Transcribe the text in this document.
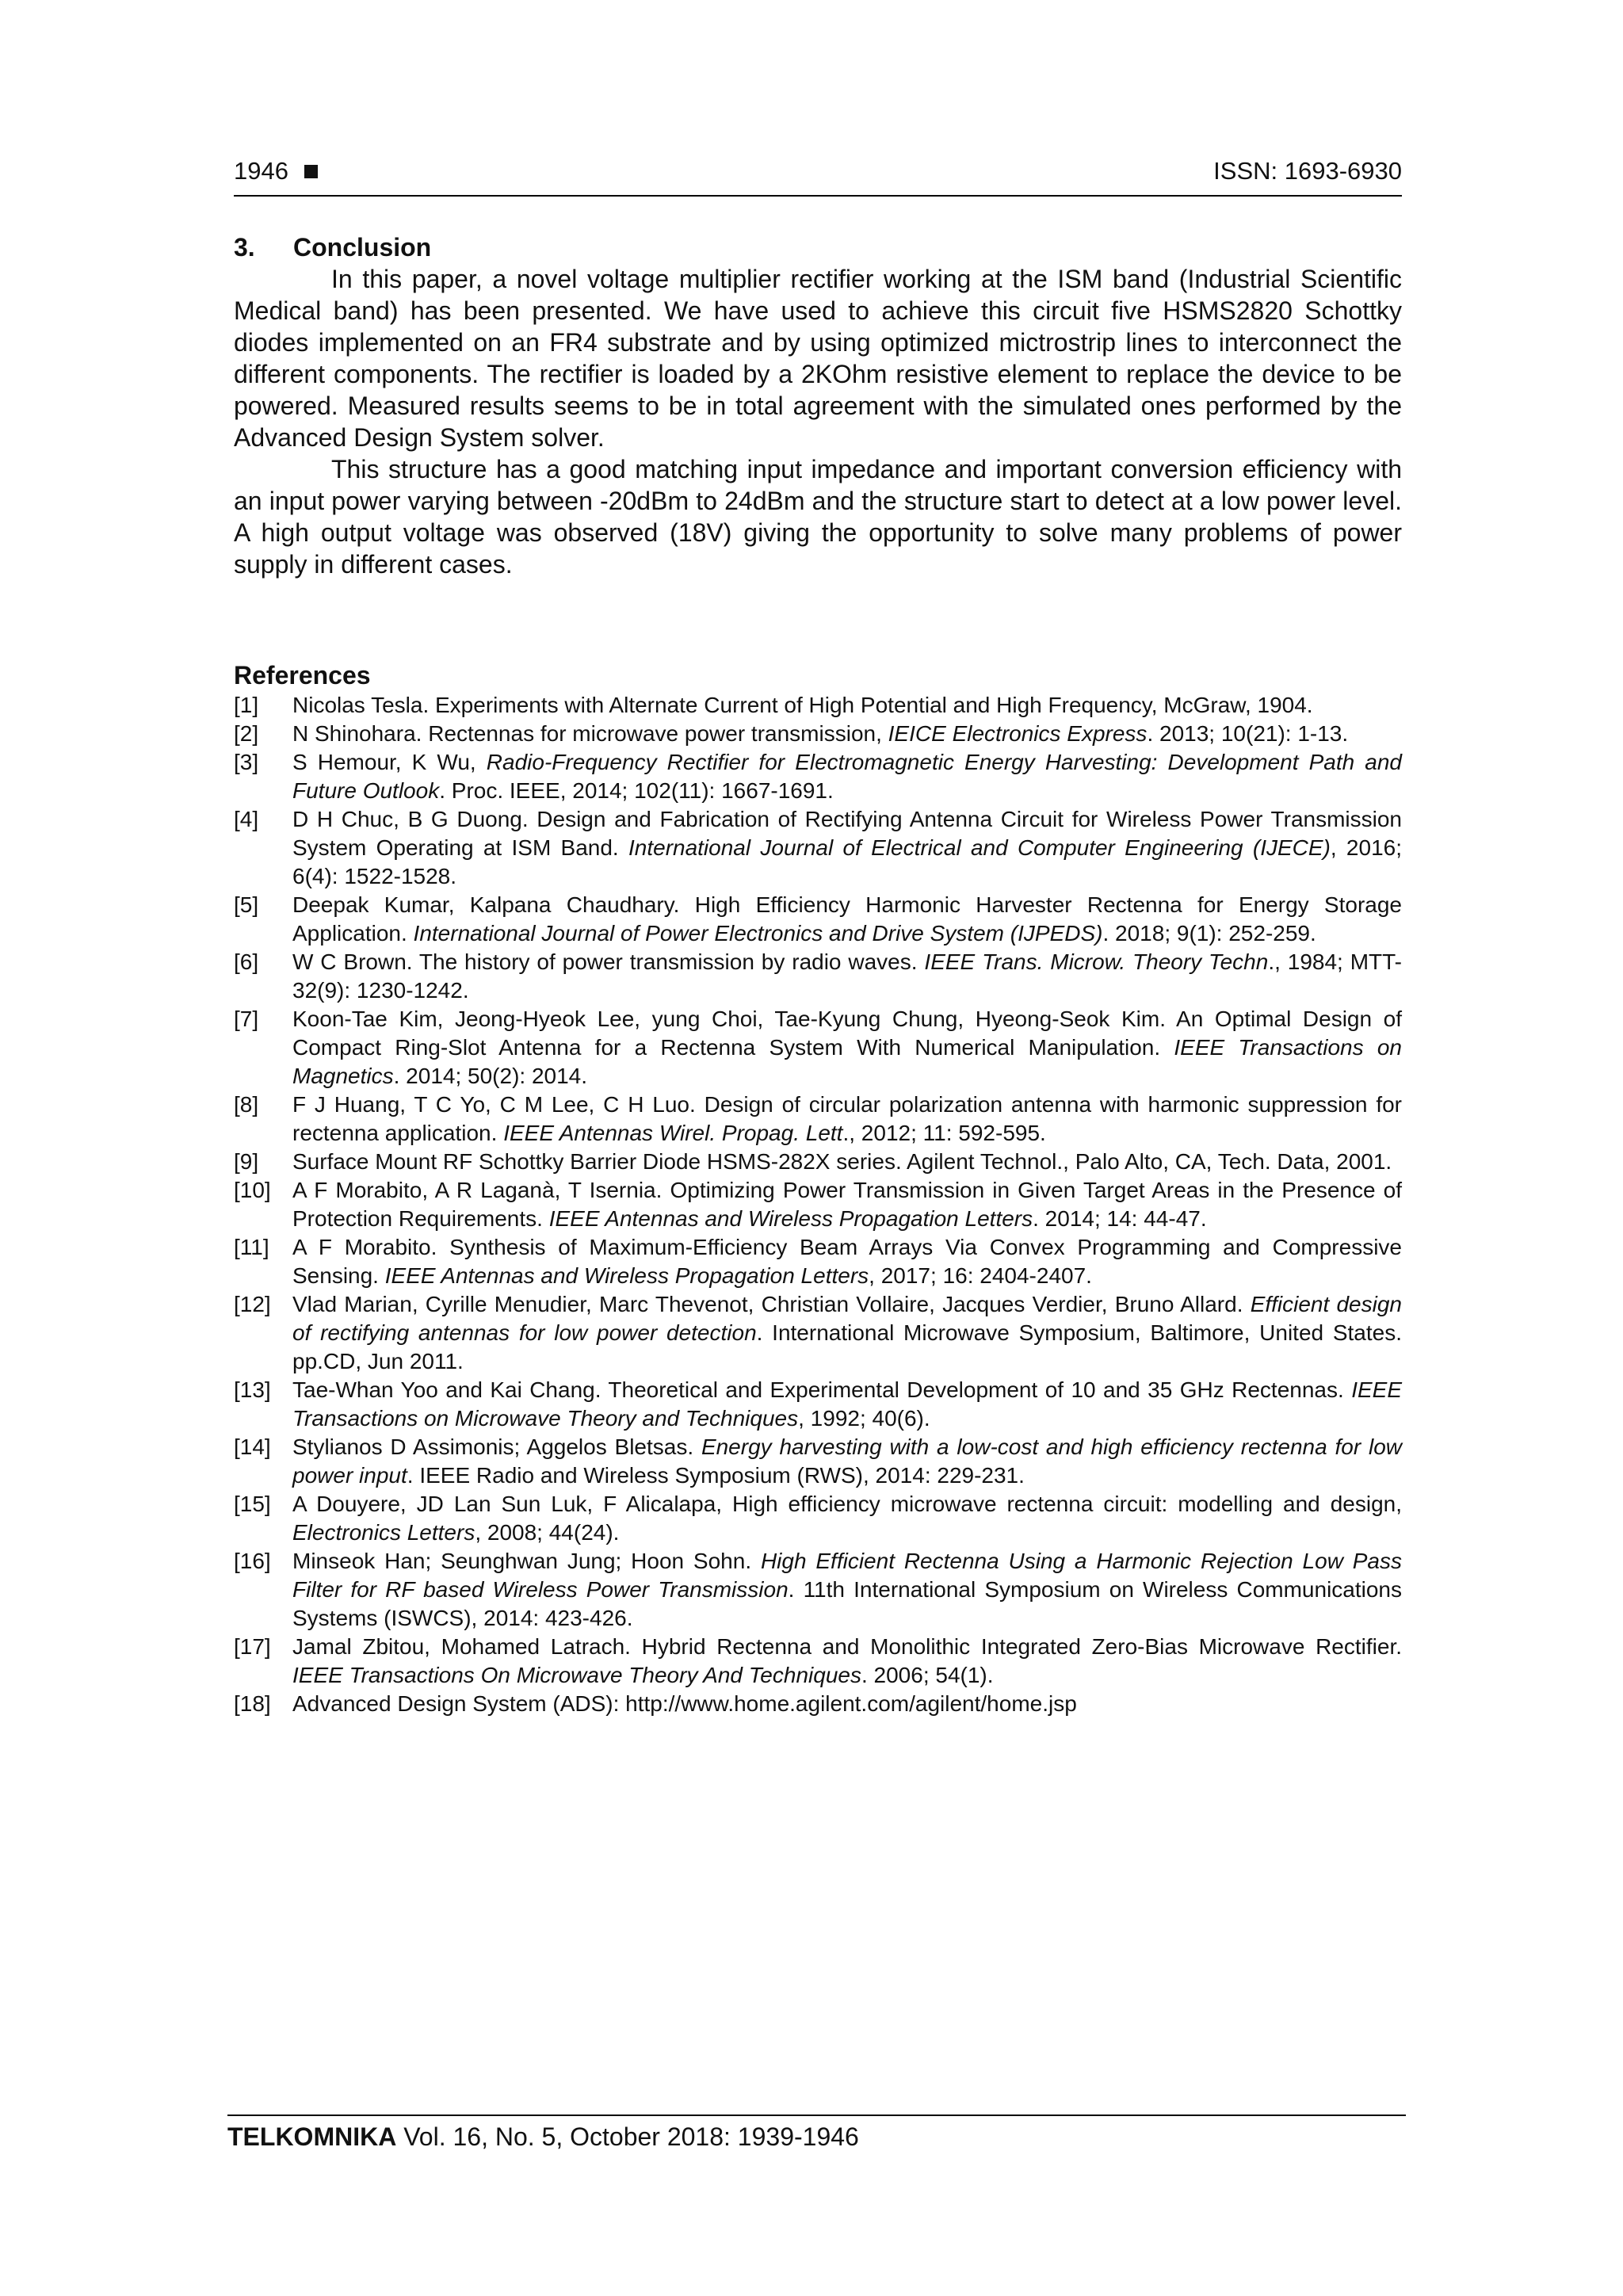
1946	ISSN: 1693-6930
3.	Conclusion

In this paper, a novel voltage multiplier rectifier working at the ISM band (Industrial Scientific Medical band) has been presented. We have used to achieve this circuit five HSMS2820 Schottky diodes implemented on an FR4 substrate and by using optimized mictrostrip lines to interconnect the different components. The rectifier is loaded by a 2KOhm resistive element to replace the device to be powered. Measured results seems to be in total agreement with the simulated ones performed by the Advanced Design System solver.

This structure has a good matching input impedance and important conversion efficiency with an input power varying between -20dBm to 24dBm and the structure start to detect at a low power level. A high output voltage was observed (18V) giving the opportunity to solve many problems of power supply in different cases.

References
[1]	Nicolas Tesla. Experiments with Alternate Current of High Potential and High Frequency, McGraw, 1904.
[2]	N Shinohara. Rectennas for microwave power transmission, IEICE Electronics Express. 2013; 10(21): 1-13.
[3]	S Hemour, K Wu, Radio-Frequency Rectifier for Electromagnetic Energy Harvesting: Development Path and Future Outlook. Proc. IEEE, 2014; 102(11): 1667-1691.
[4]	D H Chuc, B G Duong. Design and Fabrication of Rectifying Antenna Circuit for Wireless Power Transmission System Operating at ISM Band. International Journal of Electrical and Computer Engineering (IJECE), 2016; 6(4): 1522-1528.
[5]	Deepak Kumar, Kalpana Chaudhary. High Efficiency Harmonic Harvester Rectenna for Energy Storage Application. International Journal of Power Electronics and Drive System (IJPEDS). 2018; 9(1): 252-259.
[6]	W C Brown. The history of power transmission by radio waves. IEEE Trans. Microw. Theory Techn., 1984; MTT-32(9): 1230-1242.
[7]	Koon-Tae Kim, Jeong-Hyeok Lee, yung Choi, Tae-Kyung Chung, Hyeong-Seok Kim. An Optimal Design of Compact Ring-Slot Antenna for a Rectenna System With Numerical Manipulation. IEEE Transactions on Magnetics. 2014; 50(2): 2014.
[8]	F J Huang, T C Yo, C M Lee, C H Luo. Design of circular polarization antenna with harmonic suppression for rectenna application. IEEE Antennas Wirel. Propag. Lett., 2012; 11: 592-595.
[9]	Surface Mount RF Schottky Barrier Diode HSMS-282X series. Agilent Technol., Palo Alto, CA, Tech. Data, 2001.
[10] A F Morabito, A R Laganà, T Isernia. Optimizing Power Transmission in Given Target Areas in the Presence of Protection Requirements. IEEE Antennas and Wireless Propagation Letters. 2014; 14: 44-47.
[11]	A F Morabito. Synthesis of Maximum-Efficiency Beam Arrays Via Convex Programming and Compressive Sensing. IEEE Antennas and Wireless Propagation Letters, 2017; 16: 2404-2407.
[12] Vlad Marian, Cyrille Menudier, Marc Thevenot, Christian Vollaire, Jacques Verdier, Bruno Allard. Efficient design of rectifying antennas for low power detection. International Microwave Symposium, Baltimore, United States. pp.CD, Jun 2011.
[13] Tae-Whan Yoo and Kai Chang. Theoretical and Experimental Development of 10 and 35 GHz Rectennas. IEEE Transactions on Microwave Theory and Techniques, 1992; 40(6).
[14] Stylianos D Assimonis; Aggelos Bletsas. Energy harvesting with a low-cost and high efficiency rectenna for low power input. IEEE Radio and Wireless Symposium (RWS), 2014: 229-231.
[15] A Douyere, JD Lan Sun Luk, F Alicalapa, High efficiency microwave rectenna circuit: modelling and design, Electronics Letters, 2008; 44(24).
[16] Minseok Han; Seunghwan Jung; Hoon Sohn. High Efficient Rectenna Using a Harmonic Rejection Low Pass Filter for RF based Wireless Power Transmission. 11th International Symposium on Wireless Communications Systems (ISWCS), 2014: 423-426.
[17] Jamal Zbitou, Mohamed Latrach. Hybrid Rectenna and Monolithic Integrated Zero-Bias Microwave Rectifier. IEEE Transactions On Microwave Theory And Techniques. 2006; 54(1).
[18] Advanced Design System (ADS): http://www.home.agilent.com/agilent/home.jsp
TELKOMNIKA Vol. 16, No. 5, October 2018: 1939-1946
